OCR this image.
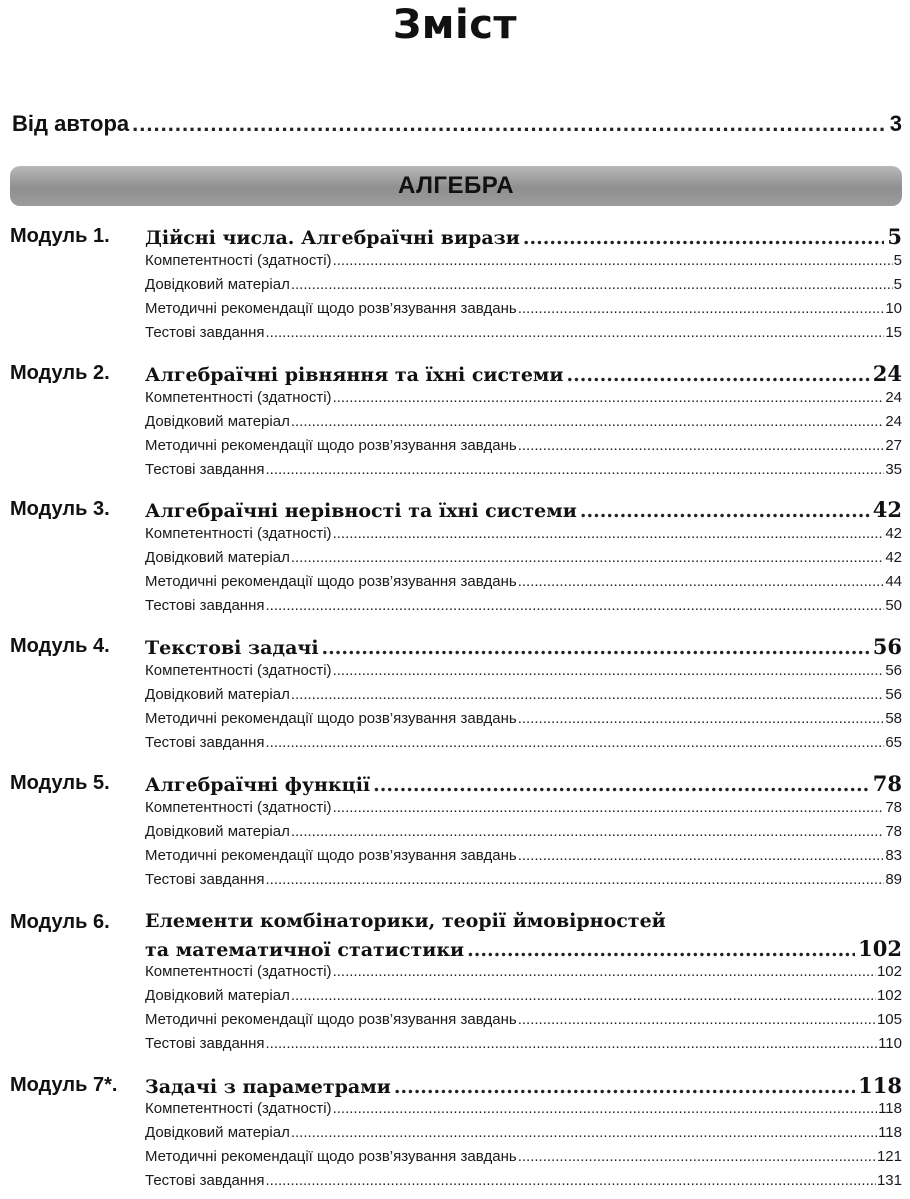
Зміст
Від автора .....	3
АЛГЕБРА
Модуль 1. Дійсні числа. Алгебраїчні вирази .....	5
Компетентності (здатності) .....	5
Довідковий матеріал .....	5
Методичні рекомендації щодо розв’язування завдань .....	10
Тестові завдання .....	15
Модуль 2. Алгебраїчні рівняння та їхні системи .....	24
Компетентності (здатності) .....	24
Довідковий матеріал .....	24
Методичні рекомендації щодо розв’язування завдань .....	27
Тестові завдання .....	35
Модуль 3. Алгебраїчні нерівності та їхні системи .....	42
Компетентності (здатності) .....	42
Довідковий матеріал .....	42
Методичні рекомендації щодо розв’язування завдань .....	44
Тестові завдання .....	50
Модуль 4. Текстові задачі .....	56
Компетентності (здатності) .....	56
Довідковий матеріал .....	56
Методичні рекомендації щодо розв’язування завдань .....	58
Тестові завдання .....	65
Модуль 5. Алгебраїчні функції .....	78
Компетентності (здатності) .....	78
Довідковий матеріал .....	78
Методичні рекомендації щодо розв’язування завдань .....	83
Тестові завдання .....	89
Модуль 6. Елементи комбінаторики, теорії ймовірностей
та математичної статистики .....	102
Компетентності (здатності) .....	102
Довідковий матеріал .....	102
Методичні рекомендації щодо розв’язування завдань .....	105
Тестові завдання .....	110
Модуль 7*. Задачі з параметрами .....	118
Компетентності (здатності) .....	118
Довідковий матеріал .....	118
Методичні рекомендації щодо розв’язування завдань .....	121
Тестові завдання .....	131
